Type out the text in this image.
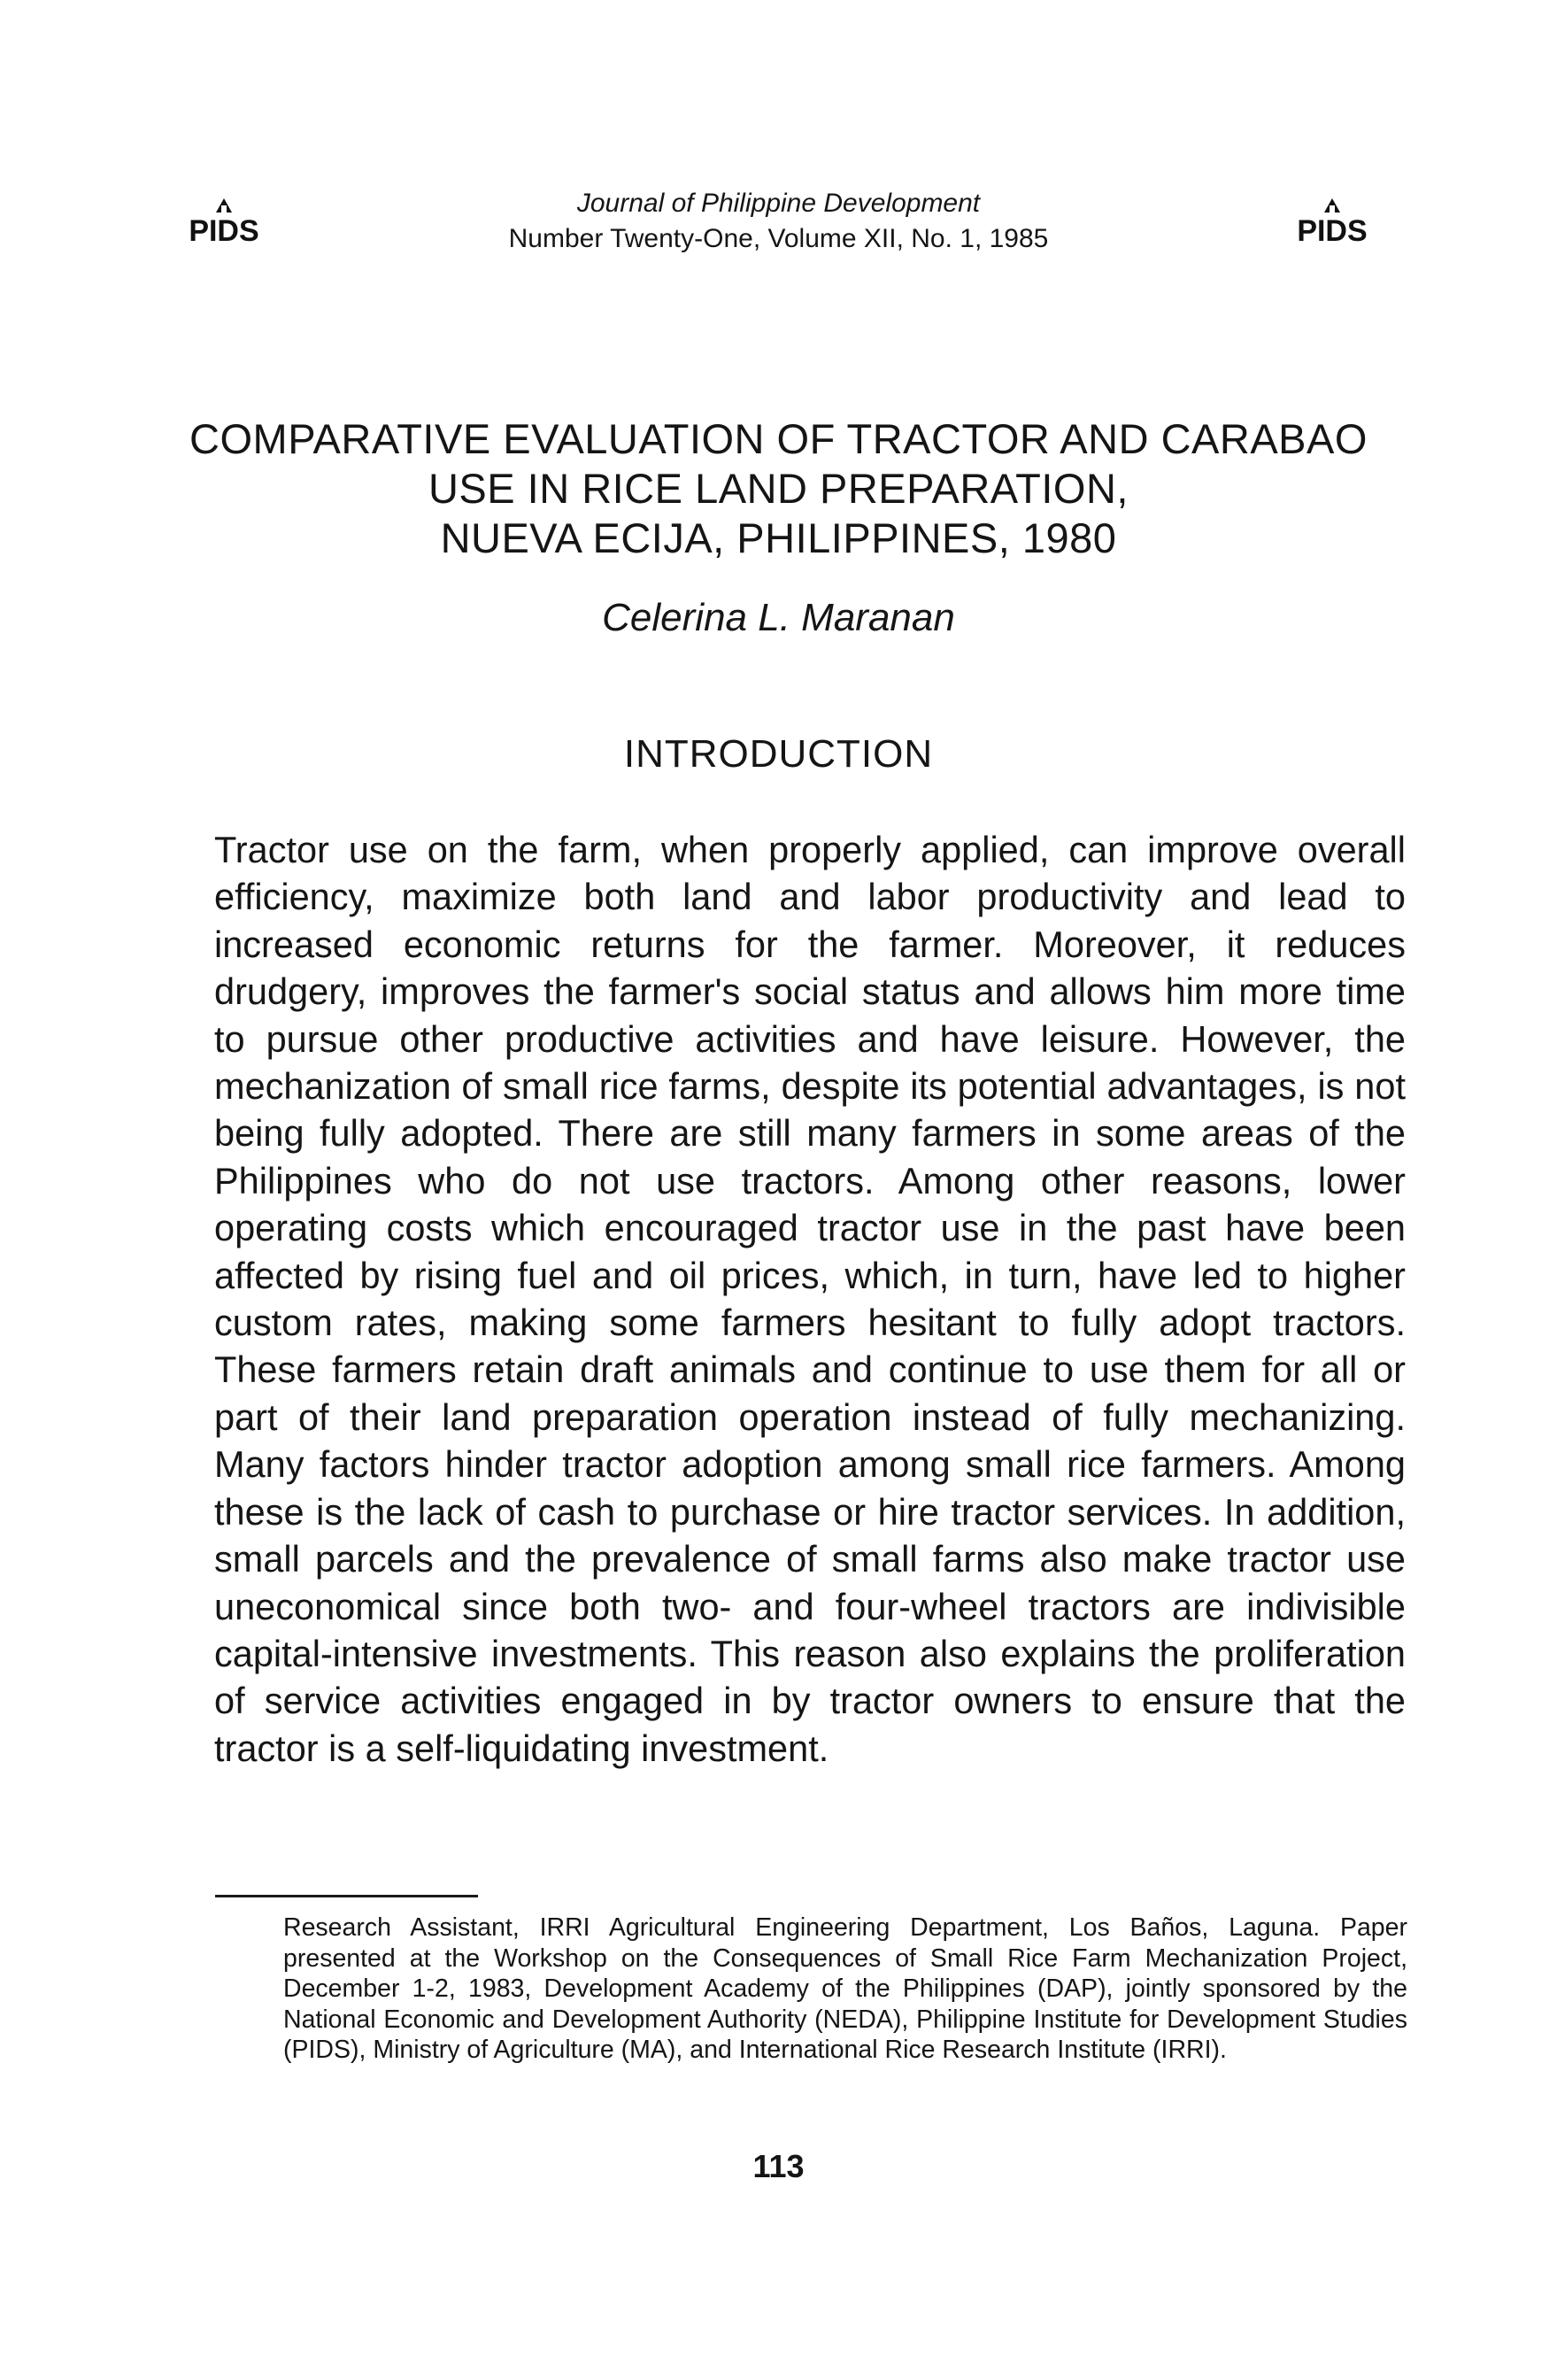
PIDS
Journal of Philippine Development
Number Twenty-One, Volume XII, No. 1, 1985	PIDS
COMPARATIVE EVALUATION OF TRACTOR AND CARABAO
USE IN RICE LAND PREPARATION,
NUEVA ECIJA, PHILIPPINES, 1980
Celerina L. Maranan
INTRODUCTION

Tractor use on the farm, when properly applied, can improve overall efficiency, maximize both land and labor productivity and lead to increased economic returns for the farmer. Moreover, it reduces drudgery, improves the farmer's social status and allows him more time to pursue other productive activities and have leisure. However, the mechanization of small rice farms, despite its potential advantages, is not being fully adopted. There are still many farmers in some areas of the Philippines who do not use tractors. Among other reasons, lower operating costs which encouraged tractor use in the past have been affected by rising fuel and oil prices, which, in turn, have led to higher custom rates, making some farmers hesitant to fully adopt tractors. These farmers retain draft animals and continue to use them for all or part of their land preparation operation instead of fully mechanizing. Many factors hinder tractor adoption among small rice farmers. Among these is the lack of cash to purchase or hire tractor services. In addition, small parcels and the prevalence of small farms also make tractor use uneconomical since both two- and four-wheel tractors are indivisible capital-intensive investments. This reason also explains the proliferation of service activities engaged in by tractor owners to ensure that the tractor is a self-liquidating investment.

Research Assistant, IRRI Agricultural Engineering Department, Los Baños, Laguna. Paper presented at the Workshop on the Consequences of Small Rice Farm Mechanization Project, December 1-2, 1983, Development Academy of the Philippines (DAP), jointly sponsored by the National Economic and Development Authority (NEDA), Philippine Institute for Development Studies (PIDS), Ministry of Agriculture (MA), and International Rice Research Institute (IRRI).

113
